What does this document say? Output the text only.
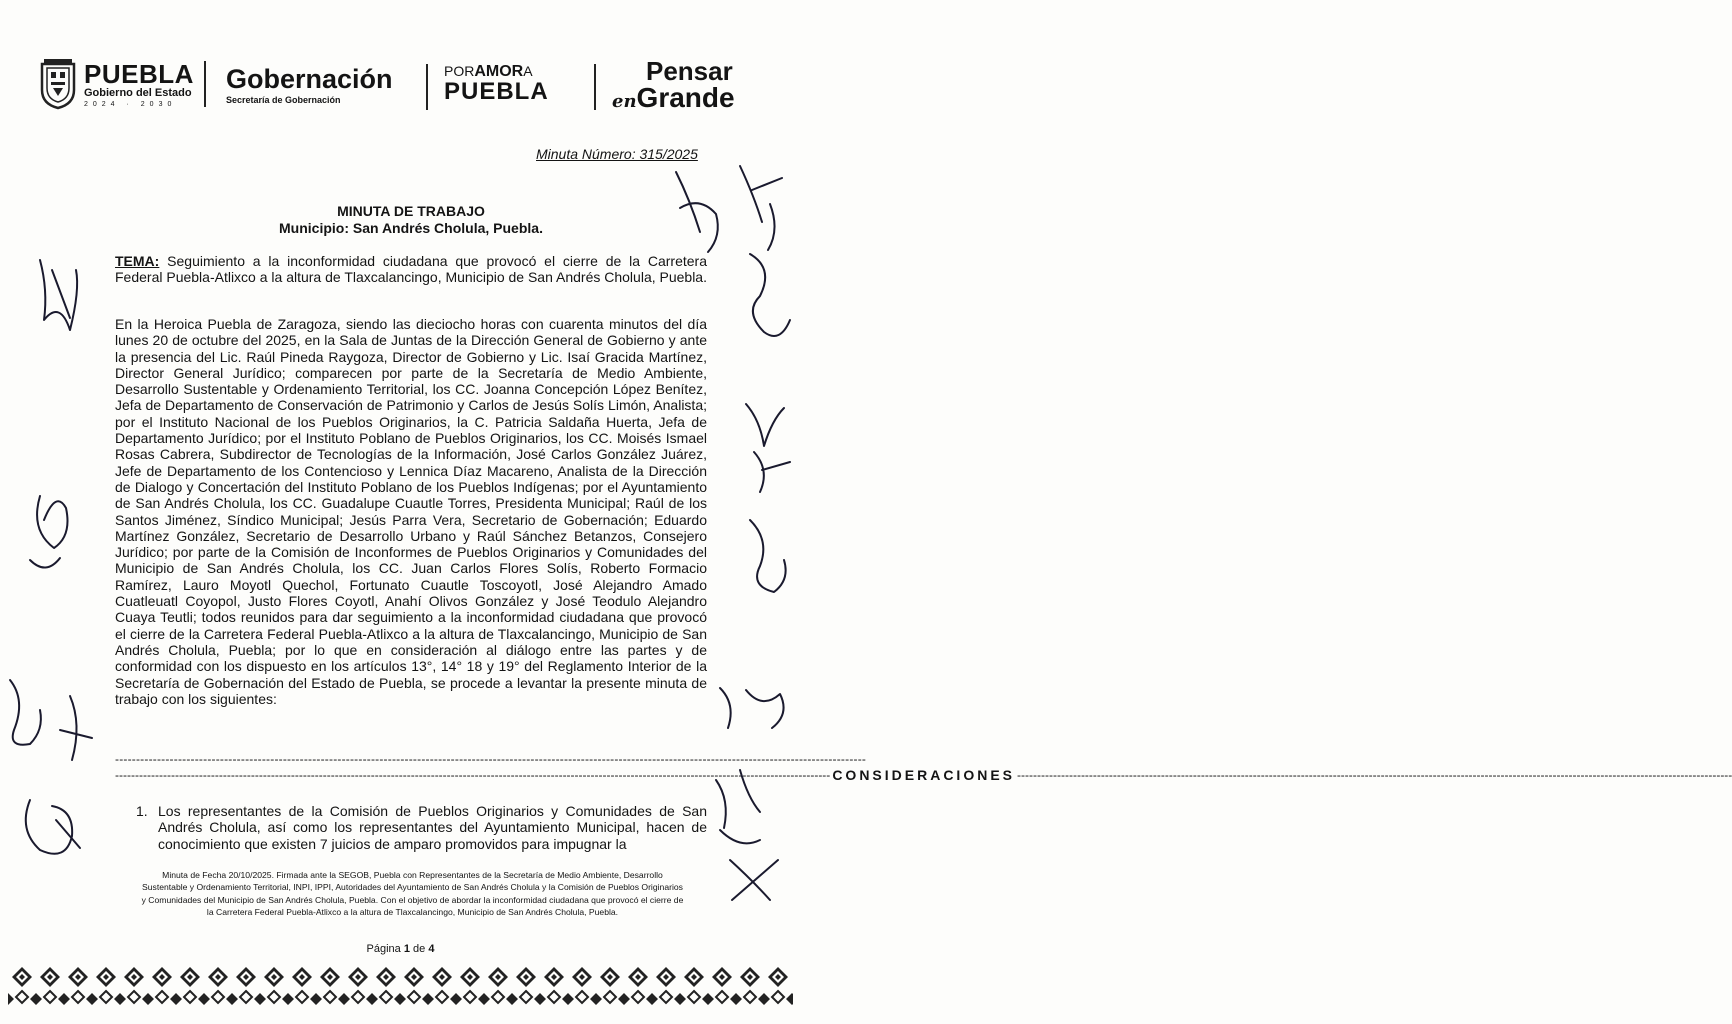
PUEBLA
Gobierno del Estado
2024 · 2030
Gobernación
Secretaría de Gobernación
PORAMORA
PUEBLA
Pensar
enGrande
Minuta Número: 315/2025
MINUTA DE TRABAJO
Municipio: San Andrés Cholula, Puebla.
TEMA: Seguimiento a la inconformidad ciudadana que provocó el cierre de la Carretera Federal Puebla-Atlixco a la altura de Tlaxcalancingo, Municipio de San Andrés Cholula, Puebla.
En la Heroica Puebla de Zaragoza, siendo las dieciocho horas con cuarenta minutos del día lunes 20 de octubre del 2025, en la Sala de Juntas de la Dirección General de Gobierno y ante la presencia del Lic. Raúl Pineda Raygoza, Director de Gobierno y Lic. Isaí Gracida Martínez, Director General Jurídico; comparecen por parte de la Secretaría de Medio Ambiente, Desarrollo Sustentable y Ordenamiento Territorial, los CC. Joanna Concepción López Benítez, Jefa de Departamento de Conservación de Patrimonio y Carlos de Jesús Solís Limón, Analista; por el Instituto Nacional de los Pueblos Originarios, la C. Patricia Saldaña Huerta, Jefa de Departamento Jurídico; por el Instituto Poblano de Pueblos Originarios, los CC. Moisés Ismael Rosas Cabrera, Subdirector de Tecnologías de la Información, José Carlos González Juárez, Jefe de Departamento de los Contencioso y Lennica Díaz Macareno, Analista de la Dirección de Dialogo y Concertación del Instituto Poblano de los Pueblos Indígenas; por el Ayuntamiento de San Andrés Cholula, los CC. Guadalupe Cuautle Torres, Presidenta Municipal; Raúl de los Santos Jiménez, Síndico Municipal; Jesús Parra Vera, Secretario de Gobernación; Eduardo Martínez González, Secretario de Desarrollo Urbano y Raúl Sánchez Betanzos, Consejero Jurídico; por parte de la Comisión de Inconformes de Pueblos Originarios y Comunidades del Municipio de San Andrés Cholula, los CC. Juan Carlos Flores Solís, Roberto Formacio Ramírez, Lauro Moyotl Quechol, Fortunato Cuautle Toscoyotl, José Alejandro Amado Cuatleuatl Coyopol, Justo Flores Coyotl, Anahí Olivos González y José Teodulo Alejandro Cuaya Teutli; todos reunidos para dar seguimiento a la inconformidad ciudadana que provocó el cierre de la Carretera Federal Puebla-Atlixco a la altura de Tlaxcalancingo, Municipio de San Andrés Cholula, Puebla; por lo que en consideración al diálogo entre las partes y de conformidad con los dispuesto en los artículos 13°, 14° 18 y 19° del Reglamento Interior de la Secretaría de Gobernación del Estado de Puebla, se procede a levantar la presente minuta de trabajo con los siguientes:
-----------------------------------------------------------------------------------------------------------------------------------------------------------------------------------
----------------------------------------------------------------------------------------------------------------------------------------------------------------------------------- CONSIDERACIONES -----------------------------------------------------------------------------------------------------------------------------------------------------------------------------------
1. Los representantes de la Comisión de Pueblos Originarios y Comunidades de San Andrés Cholula, así como los representantes del Ayuntamiento Municipal, hacen de conocimiento que existen 7 juicios de amparo promovidos para impugnar la
Minuta de Fecha 20/10/2025. Firmada ante la SEGOB, Puebla con Representantes de la Secretaría de Medio Ambiente, Desarrollo Sustentable y Ordenamiento Territorial, INPI, IPPI, Autoridades del Ayuntamiento de San Andrés Cholula y la Comisión de Pueblos Originarios y Comunidades del Municipio de San Andrés Cholula, Puebla. Con el objetivo de abordar la inconformidad ciudadana que provocó el cierre de la Carretera Federal Puebla-Atlixco a la altura de Tlaxcalancingo, Municipio de San Andrés Cholula, Puebla.
Página 1 de 4
